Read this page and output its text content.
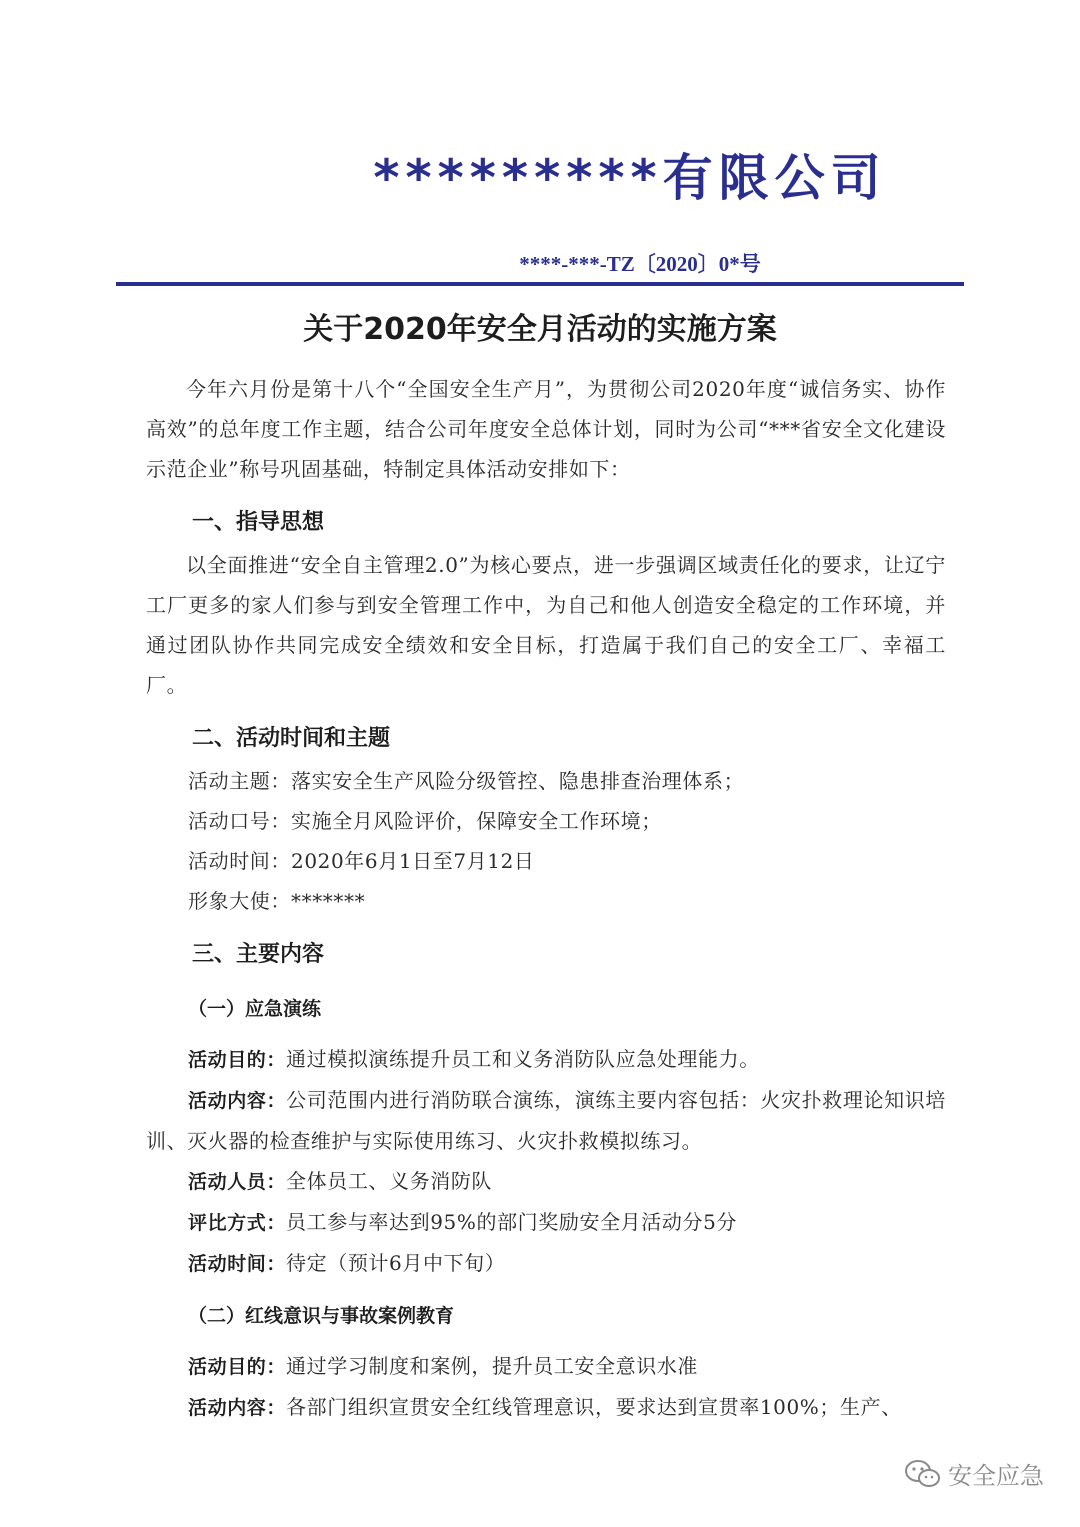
*********有限公司
****-***-TZ〔2020〕0*号
关于2020年安全月活动的实施方案

今年六月份是第十八个“全国安全生产月”，为贯彻公司2020年度“诚信务实、协作高效”的总年度工作主题，结合公司年度安全总体计划，同时为公司“***省安全文化建设示范企业”称号巩固基础，特制定具体活动安排如下：

一、指导思想

以全面推进“安全自主管理2.0”为核心要点，进一步强调区域责任化的要求，让辽宁工厂更多的家人们参与到安全管理工作中，为自己和他人创造安全稳定的工作环境，并通过团队协作共同完成安全绩效和安全目标，打造属于我们自己的安全工厂、幸福工厂。

二、活动时间和主题

活动主题：落实安全生产风险分级管控、隐患排查治理体系；

活动口号：实施全月风险评价，保障安全工作环境；

活动时间：2020年6月1日至7月12日

形象大使：*******

三、主要内容
（一）应急演练

活动目的：通过模拟演练提升员工和义务消防队应急处理能力。

活动内容：公司范围内进行消防联合演练，演练主要内容包括：火灾扑救理论知识培训、灭火器的检查维护与实际使用练习、火灾扑救模拟练习。

活动人员：全体员工、义务消防队

评比方式：员工参与率达到95%的部门奖励安全月活动分5分

活动时间：待定（预计6月中下旬）

（二）红线意识与事故案例教育

活动目的：通过学习制度和案例，提升员工安全意识水准

活动内容：各部门组织宣贯安全红线管理意识，要求达到宣贯率100%；生产、

安全应急
